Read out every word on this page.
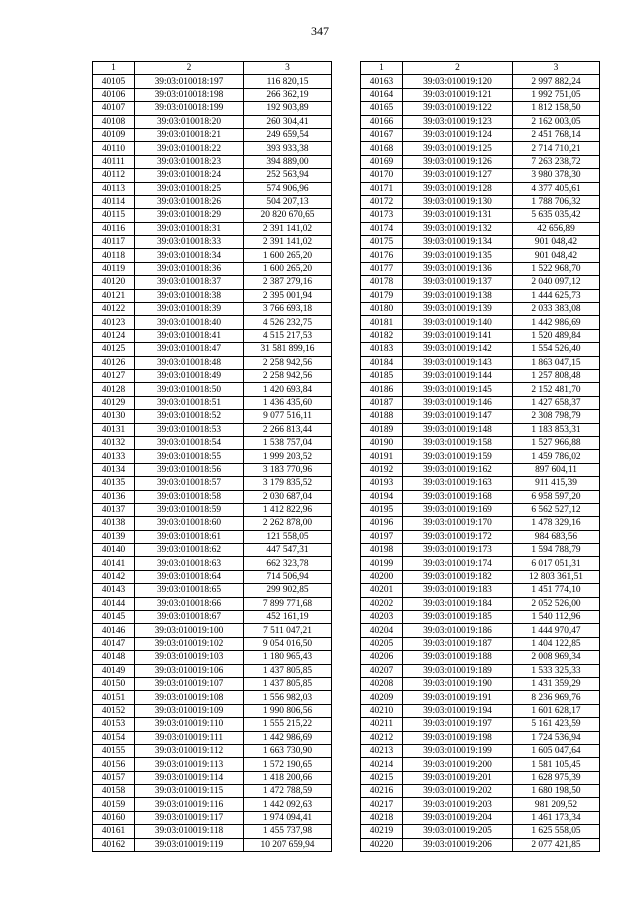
347
1	2	3
40105	39:03:010018:197	116 820,15
40106	39:03:010018:198	266 362,19
40107	39:03:010018:199	192 903,89
40108	39:03:010018:20	260 304,41
40109	39:03:010018:21	249 659,54
40110	39:03:010018:22	393 933,38
40111	39:03:010018:23	394 889,00
40112	39:03:010018:24	252 563,94
40113	39:03:010018:25	574 906,96
40114	39:03:010018:26	504 207,13
40115	39:03:010018:29	20 820 670,65
40116	39:03:010018:31	2 391 141,02
40117	39:03:010018:33	2 391 141,02
40118	39:03:010018:34	1 600 265,20
40119	39:03:010018:36	1 600 265,20
40120	39:03:010018:37	2 387 279,16
40121	39:03:010018:38	2 395 001,94
40122	39:03:010018:39	3 766 693,18
40123	39:03:010018:40	4 526 232,75
40124	39:03:010018:41	4 515 217,53
40125	39:03:010018:47	31 581 899,16
40126	39:03:010018:48	2 258 942,56
40127	39:03:010018:49	2 258 942,56
40128	39:03:010018:50	1 420 693,84
40129	39:03:010018:51	1 436 435,60
40130	39:03:010018:52	9 077 516,11
40131	39:03:010018:53	2 266 813,44
40132	39:03:010018:54	1 538 757,04
40133	39:03:010018:55	1 999 203,52
40134	39:03:010018:56	3 183 770,96
40135	39:03:010018:57	3 179 835,52
40136	39:03:010018:58	2 030 687,04
40137	39:03:010018:59	1 412 822,96
40138	39:03:010018:60	2 262 878,00
40139	39:03:010018:61	121 558,05
40140	39:03:010018:62	447 547,31
40141	39:03:010018:63	662 323,78
40142	39:03:010018:64	714 506,94
40143	39:03:010018:65	299 902,85
40144	39:03:010018:66	7 899 771,68
40145	39:03:010018:67	452 161,19
40146	39:03:010019:100	7 511 047,21
40147	39:03:010019:102	9 054 016,50
40148	39:03:010019:103	1 180 965,43
40149	39:03:010019:106	1 437 805,85
40150	39:03:010019:107	1 437 805,85
40151	39:03:010019:108	1 556 982,03
40152	39:03:010019:109	1 990 806,56
40153	39:03:010019:110	1 555 215,22
40154	39:03:010019:111	1 442 986,69
40155	39:03:010019:112	1 663 730,90
40156	39:03:010019:113	1 572 190,65
40157	39:03:010019:114	1 418 200,66
40158	39:03:010019:115	1 472 788,59
40159	39:03:010019:116	1 442 092,63
40160	39:03:010019:117	1 974 094,41
40161	39:03:010019:118	1 455 737,98
40162	39:03:010019:119	10 207 659,94
1	2	3
40163	39:03:010019:120	2 997 882,24
40164	39:03:010019:121	1 992 751,05
40165	39:03:010019:122	1 812 158,50
40166	39:03:010019:123	2 162 003,05
40167	39:03:010019:124	2 451 768,14
40168	39:03:010019:125	2 714 710,21
40169	39:03:010019:126	7 263 238,72
40170	39:03:010019:127	3 980 378,30
40171	39:03:010019:128	4 377 405,61
40172	39:03:010019:130	1 788 706,32
40173	39:03:010019:131	5 635 035,42
40174	39:03:010019:132	42 656,89
40175	39:03:010019:134	901 048,42
40176	39:03:010019:135	901 048,42
40177	39:03:010019:136	1 522 968,70
40178	39:03:010019:137	2 040 097,12
40179	39:03:010019:138	1 444 625,73
40180	39:03:010019:139	2 033 383,08
40181	39:03:010019:140	1 442 986,69
40182	39:03:010019:141	1 520 489,84
40183	39:03:010019:142	1 554 526,40
40184	39:03:010019:143	1 863 047,15
40185	39:03:010019:144	1 257 808,48
40186	39:03:010019:145	2 152 481,70
40187	39:03:010019:146	1 427 658,37
40188	39:03:010019:147	2 308 798,79
40189	39:03:010019:148	1 183 853,31
40190	39:03:010019:158	1 527 966,88
40191	39:03:010019:159	1 459 786,02
40192	39:03:010019:162	897 604,11
40193	39:03:010019:163	911 415,39
40194	39:03:010019:168	6 958 597,20
40195	39:03:010019:169	6 562 527,12
40196	39:03:010019:170	1 478 329,16
40197	39:03:010019:172	984 683,56
40198	39:03:010019:173	1 594 788,79
40199	39:03:010019:174	6 017 051,31
40200	39:03:010019:182	12 803 361,51
40201	39:03:010019:183	1 451 774,10
40202	39:03:010019:184	2 052 526,00
40203	39:03:010019:185	1 540 112,96
40204	39:03:010019:186	1 444 970,47
40205	39:03:010019:187	1 404 122,85
40206	39:03:010019:188	2 008 969,34
40207	39:03:010019:189	1 533 325,33
40208	39:03:010019:190	1 431 359,29
40209	39:03:010019:191	8 236 969,76
40210	39:03:010019:194	1 601 628,17
40211	39:03:010019:197	5 161 423,59
40212	39:03:010019:198	1 724 536,94
40213	39:03:010019:199	1 605 047,64
40214	39:03:010019:200	1 581 105,45
40215	39:03:010019:201	1 628 975,39
40216	39:03:010019:202	1 680 198,50
40217	39:03:010019:203	981 209,52
40218	39:03:010019:204	1 461 173,34
40219	39:03:010019:205	1 625 558,05
40220	39:03:010019:206	2 077 421,85
